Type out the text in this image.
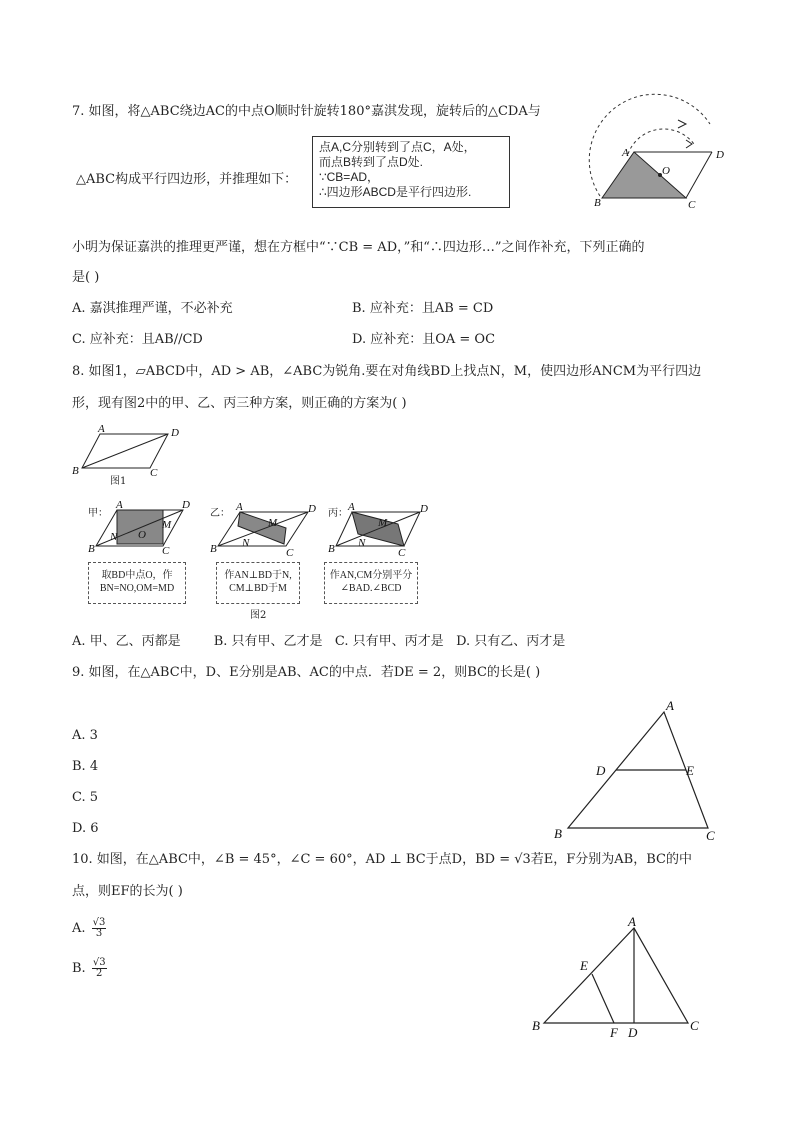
7. 如图，将△ABC绕边AC的中点O顺时针旋转180°嘉淇发现，旋转后的△CDA与
△ABC构成平行四边形，并推理如下：
点A,C分别转到了点C，A处，
而点B转到了点D处.
∵CB=AD，
∴四边形ABCD是平行四边形.
A	D
O
B	C
小明为保证嘉洪的推理更严谨，想在方框中“∵CB = AD，”和“∴四边形…”之间作补充，下列正确的
是( )
A. 嘉淇推理严谨，不必补充	B. 应补充：且AB = CD
C. 应补充：且AB//CD	D. 应补充：且OA = OC
8. 如图1，▱ABCD中，AD > AB，∠ABC为锐角.要在对角线BD上找点N，M，使四边形ANCM为平行四边
形，现有图2中的甲、乙、丙三种方案，则正确的方案为( )
A	D
B	C
图1
甲：
A	D
M
O
N
B	C
取BD中点O，作
BN=NO,OM=MD
乙：
A	D
M
N
B	C
作AN⊥BD于N,
CM⊥BD于M
图2
丙：
A	D
M
N
B	C
作AN,CM分别平分
∠BAD.∠BCD
A. 甲、乙、丙都是        B. 只有甲、乙才是   C. 只有甲、丙才是   D. 只有乙、丙才是
9. 如图，在△ABC中，D、E分别是AB、AC的中点．若DE = 2，则BC的长是( )
A. 3
B. 4
C. 5
D. 6
A
D	E
B	C
10. 如图，在△ABC中，∠B = 45°，∠C = 60°，AD ⊥ BC于点D，BD = √3若E，F分别为AB，BC的中
点，则EF的长为( )
A. $\frac{√3}{3}$
B. $\frac{√3}{2}$
A
E
B	F D	C
